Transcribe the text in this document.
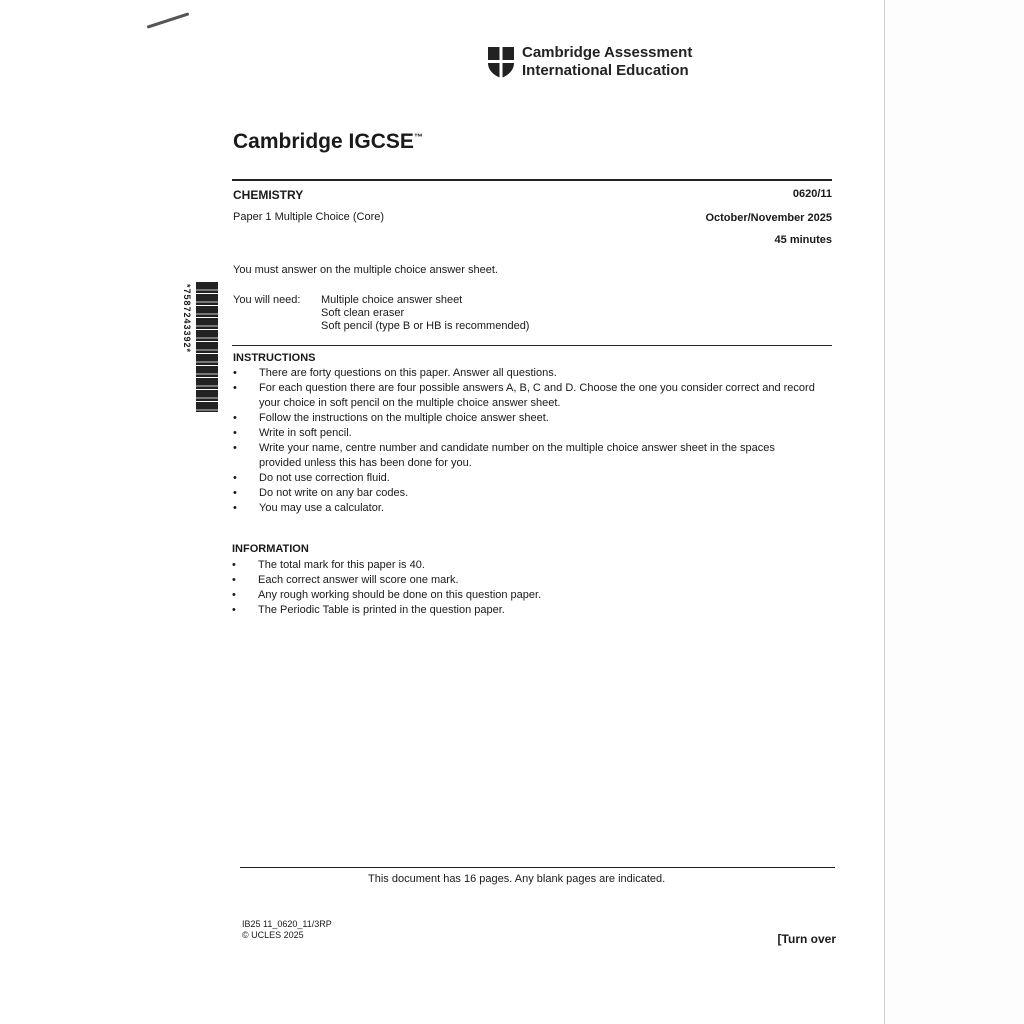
Cambridge Assessment
International Education
Cambridge IGCSE™
CHEMISTRY	0620/11
Paper 1 Multiple Choice (Core)	October/November 2025
45 minutes
You must answer on the multiple choice answer sheet.
*7587243392*	You will need: Multiple choice answer sheet
Soft clean eraser
Soft pencil (type B or HB is recommended)
INSTRUCTIONS
• There are forty questions on this paper. Answer all questions.
• For each question there are four possible answers A, B, C and D. Choose the one you consider correct and record your choice in soft pencil on the multiple choice answer sheet.
• Follow the instructions on the multiple choice answer sheet.
• Write in soft pencil.
• Write your name, centre number and candidate number on the multiple choice answer sheet in the spaces provided unless this has been done for you.
• Do not use correction fluid.
• Do not write on any bar codes.
• You may use a calculator.
INFORMATION
• The total mark for this paper is 40.
• Each correct answer will score one mark.
• Any rough working should be done on this question paper.
• The Periodic Table is printed in the question paper.
This document has 16 pages. Any blank pages are indicated.
IB25 11_0620_11/3RP
© UCLES 2025	[Turn over
